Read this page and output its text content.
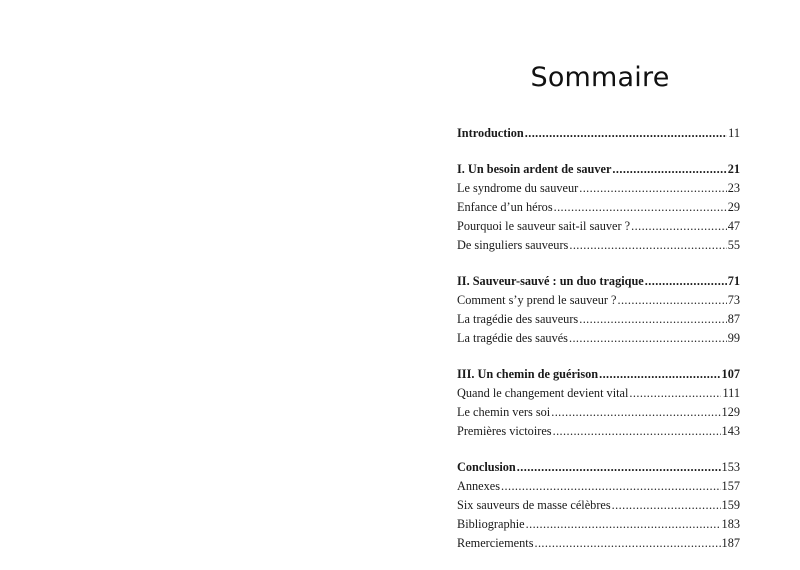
Sommaire
Introduction .....	11
I. Un besoin ardent de sauver .....	21
Le syndrome du sauveur .....	23
Enfance d’un héros .....	29
Pourquoi le sauveur sait-il sauver ? .....	47
De singuliers sauveurs .....	55
II. Sauveur-sauvé : un duo tragique .....	71
Comment s’y prend le sauveur ? .....	73
La tragédie des sauveurs .....	87
La tragédie des sauvés .....	99
III. Un chemin de guérison .....	107
Quand le changement devient vital .....	111
Le chemin vers soi .....	129
Premières victoires .....	143
Conclusion .....	153
Annexes .....	157
Six sauveurs de masse célèbres .....	159
Bibliographie .....	183
Remerciements .....	187
